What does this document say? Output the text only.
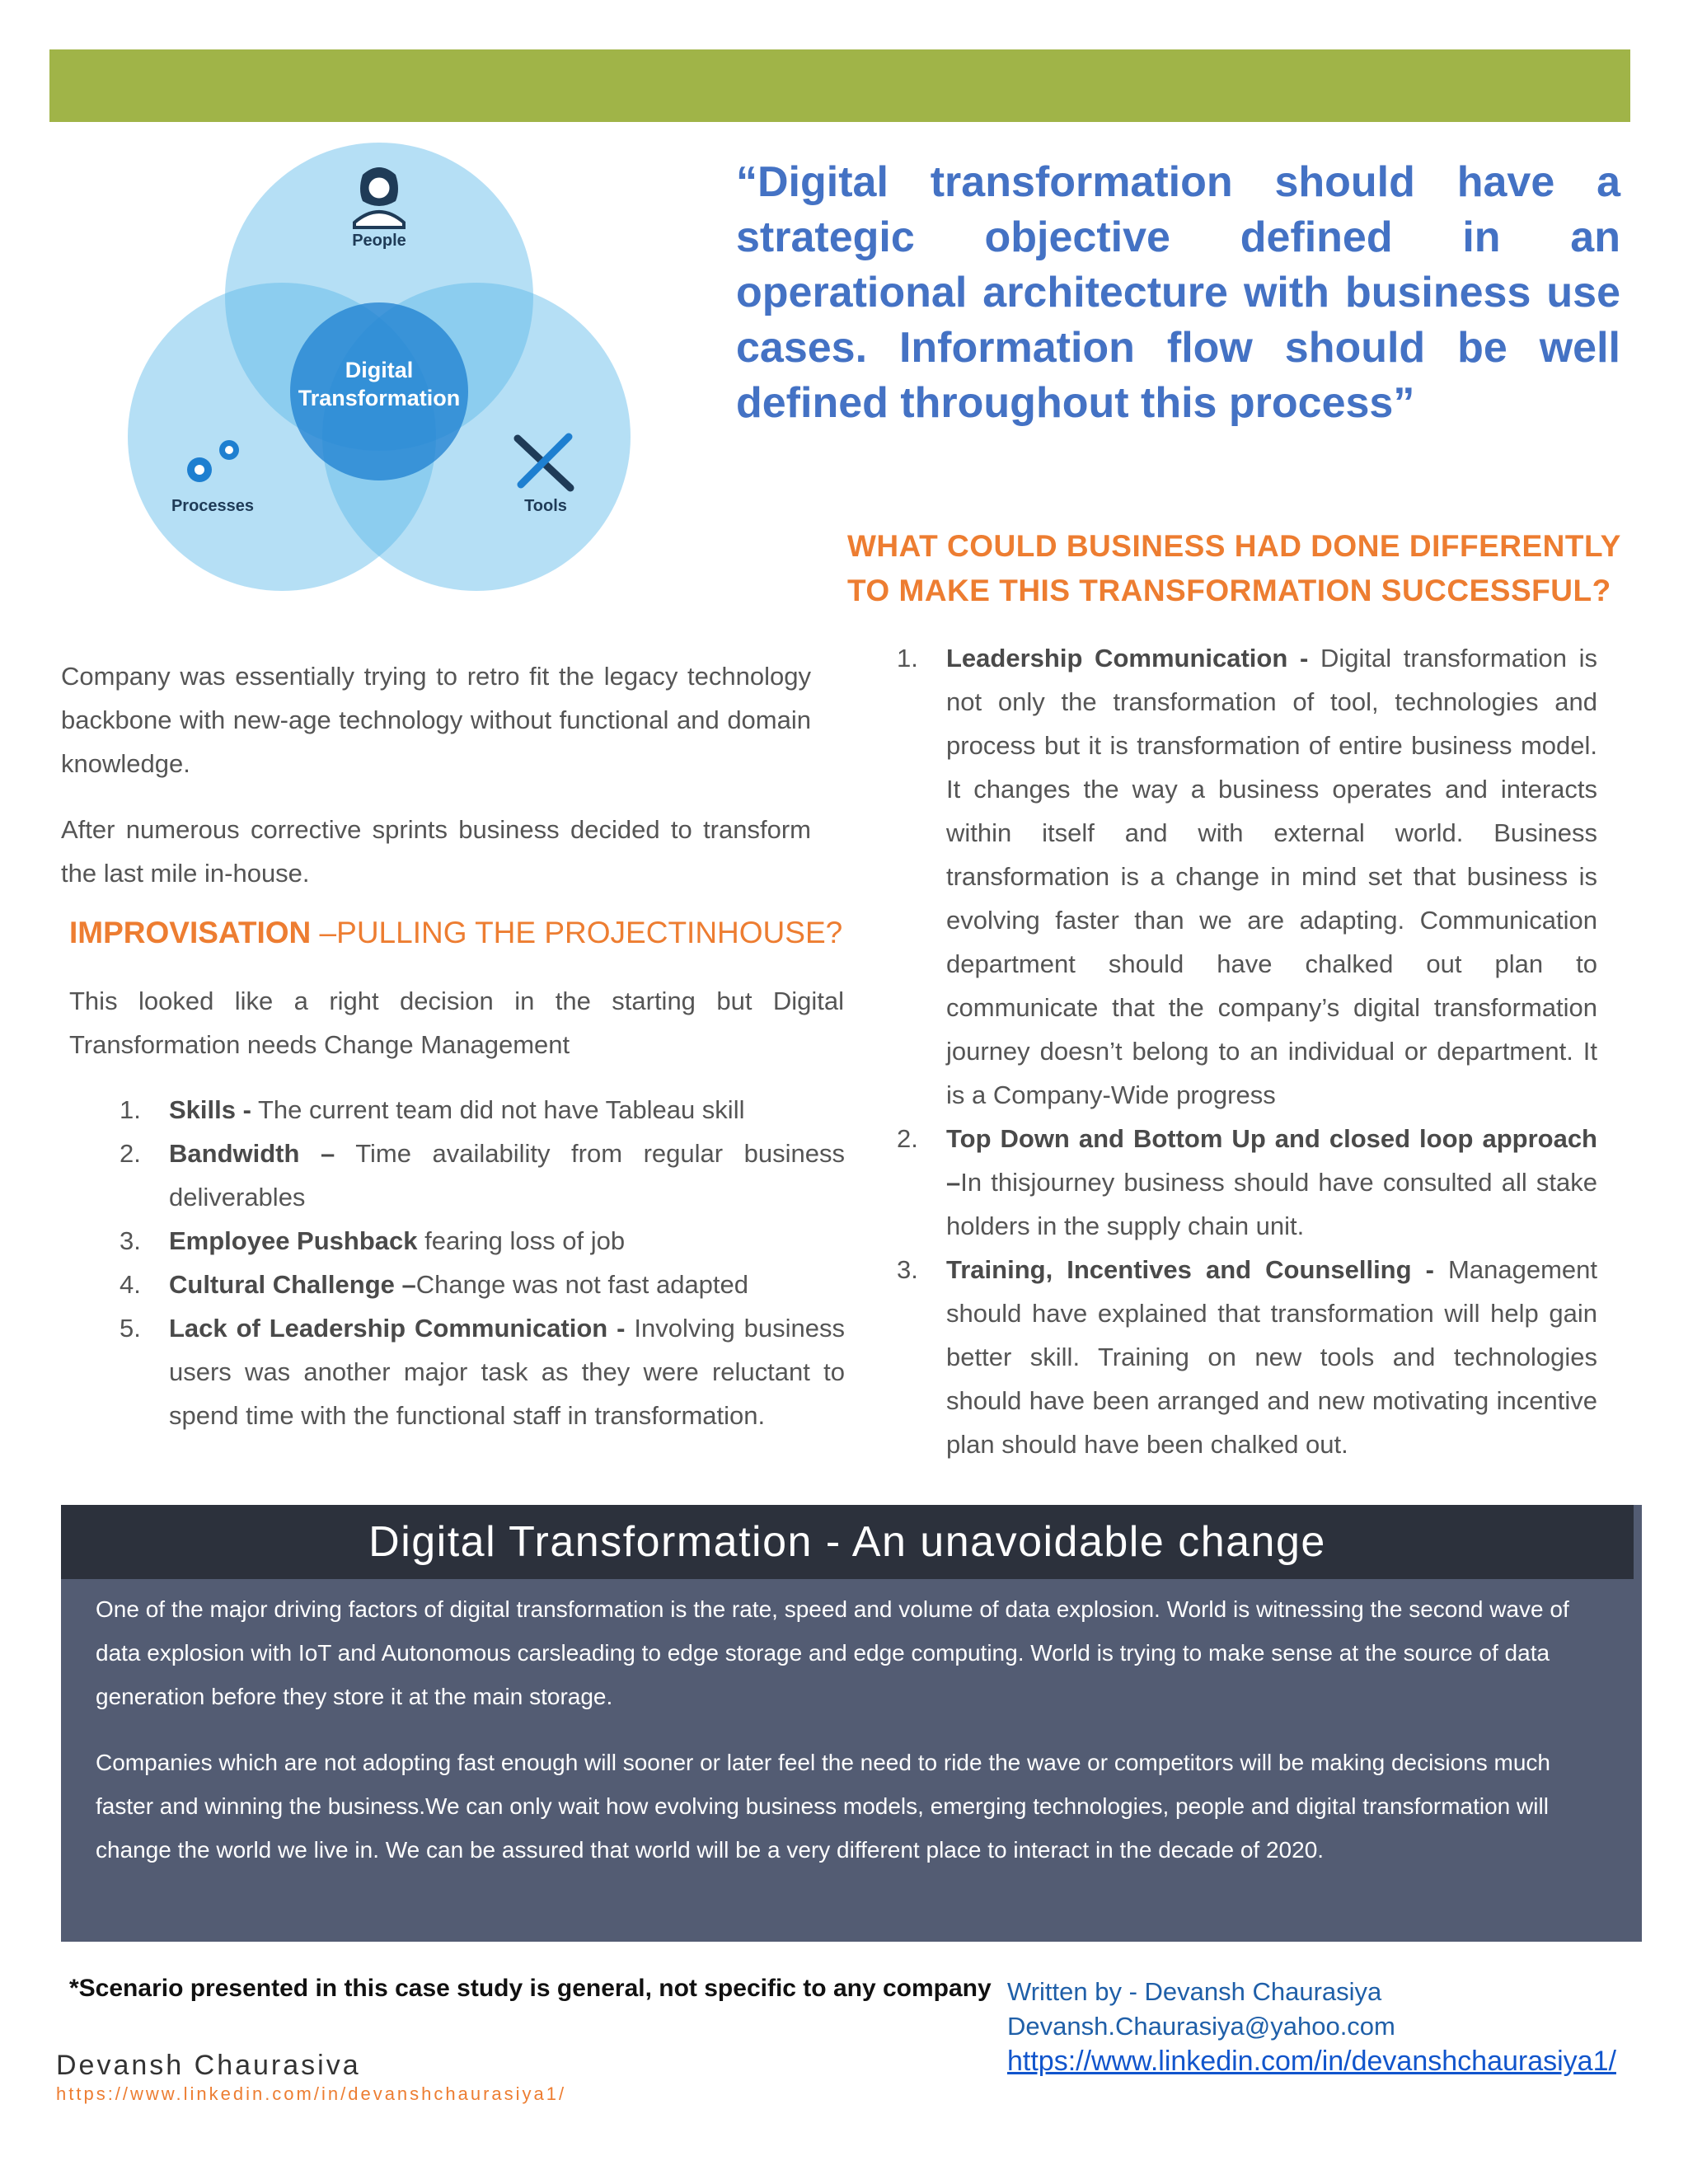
People
Processes	Tools
Digital
Transformation
“Digital transformation should have a strategic objective defined in an operational architecture with business use cases. Information flow should be well defined throughout this process”
WHAT COULD BUSINESS HAD DONE DIFFERENTLY
TO MAKE THIS TRANSFORMATION SUCCESSFUL?
Company was essentially trying to retro fit the legacy technology backbone with new-age technology without functional and domain knowledge.
After numerous corrective sprints business decided to transform the last mile in-house.
IMPROVISATION –PULLING THE PROJECTINHOUSE?
This looked like a right decision in the starting but Digital Transformation needs Change Management
1. Skills - The current team did not have Tableau skill
2. Bandwidth – Time availability from regular business deliverables
3. Employee Pushback fearing loss of job
4. Cultural Challenge –Change was not fast adapted
5. Lack of Leadership Communication - Involving business users was another major task as they were reluctant to spend time with the functional staff in transformation.
1. Leadership Communication - Digital transformation is not only the transformation of tool, technologies and process but it is transformation of entire business model. It changes the way a business operates and interacts within itself and with external world. Business transformation is a change in mind set that business is evolving faster than we are adapting. Communication department should have chalked out plan to communicate that the company’s digital transformation journey doesn’t belong to an individual or department. It is a Company-Wide progress
2. Top Down and Bottom Up and closed loop approach –In thisjourney business should have consulted all stake holders in the supply chain unit.
3. Training, Incentives and Counselling - Management should have explained that transformation will help gain better skill. Training on new tools and technologies should have been arranged and new motivating incentive plan should have been chalked out.
Digital Transformation - An unavoidable change
One of the major driving factors of digital transformation is the rate, speed and volume of data explosion. World is witnessing the second wave of data explosion with IoT and Autonomous carsleading to edge storage and edge computing. World is trying to make sense at the source of data generation before they store it at the main storage.
Companies which are not adopting fast enough will sooner or later feel the need to ride the wave or competitors will be making decisions much faster and winning the business.We can only wait how evolving business models, emerging technologies, people and digital transformation will change the world we live in. We can be assured that world will be a very different place to interact in the decade of 2020.
*Scenario presented in this case study is general, not specific to any company Written by - Devansh Chaurasiya
Devansh.Chaurasiya@yahoo.com
https://www.linkedin.com/in/devanshchaurasiya1/
Devansh Chaurasiva
https://www.linkedin.com/in/devanshchaurasiya1/
